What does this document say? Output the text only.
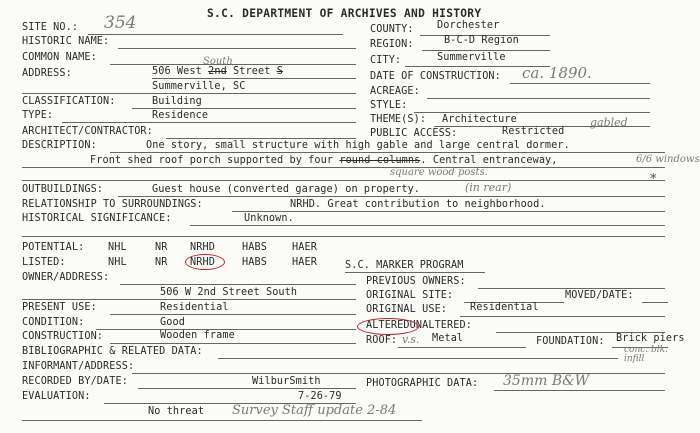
S.C. DEPARTMENT OF ARCHIVES AND HISTORY
SITE NO.: 354
HISTORIC NAME:
COMMON NAME:	South
ADDRESS:	506 West 2nd Street S
Summerville, SC
CLASSIFICATION:	Building
TYPE:	Residence
ARCHITECT/CONTRACTOR:
COUNTY: Dorchester
REGION:	B-C-D Region
CITY:	Summerville
DATE OF CONSTRUCTION: ca. 1890.
ACREAGE:
STYLE:
THEME(S): Architecture
PUBLIC ACCESS:	Restricted
gabled
DESCRIPTION:	One story, small structure with high gable and large central dormer.
Front shed roof porch supported by four round columns. Central entranceway,	6/6 windows
square wood posts.	*
OUTBUILDINGS:	Guest house (converted garage) on property.	(in rear)
RELATIONSHIP TO SURROUNDINGS:	NRHD. Great contribution to neighborhood.
HISTORICAL SIGNIFICANCE:	Unknown.
POTENTIAL: NHL	NR NRHD	HABS HAER
LISTED:	NHL	NR NRHD	HABS HAER	S.C. MARKER PROGRAM
OWNER/ADDRESS:
506 W 2nd Street South
PREVIOUS OWNERS:
ORIGINAL SITE:	MOVED/DATE:
PRESENT USE:	Residential	ORIGINAL USE: Residential
CONDITION:	Good	ALTEREDUNALTERED:
CONSTRUCTION:	Wooden frame	ROOF: v.s. Metal	FOUNDATION: Brick piers
conc. blk. infill
BIBLIOGRAPHIC & RELATED DATA:
INFORMANT/ADDRESS:
RECORDED BY/DATE:	WilburSmith
7-26-79
PHOTOGRAPHIC DATA: 35mm B&W
EVALUATION:
No threat Survey Staff update 2-84
